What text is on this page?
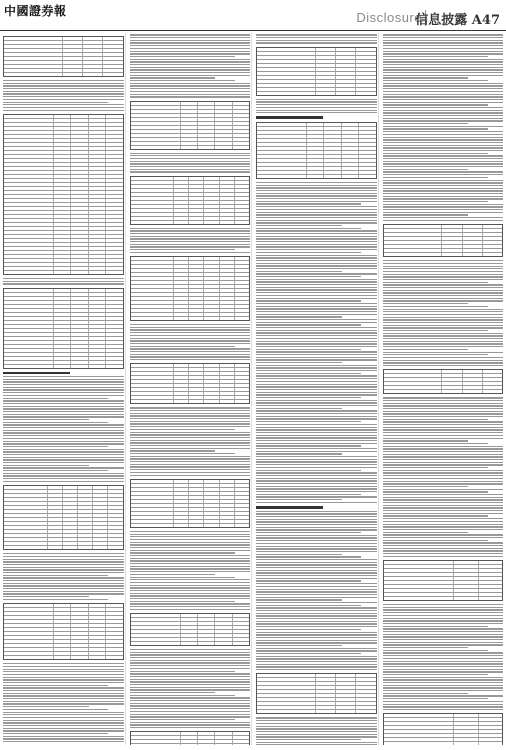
中國證券報	Disclosure
信息披露 A47
